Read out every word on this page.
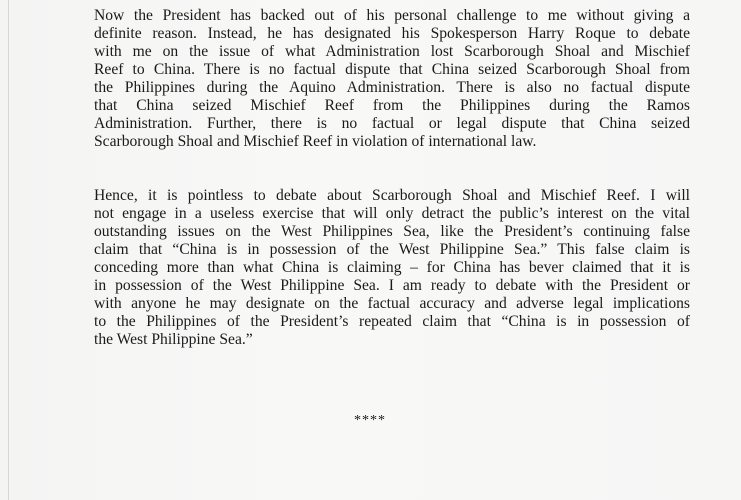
Now the President has backed out of his personal challenge to me without giving a
definite reason. Instead, he has designated his Spokesperson Harry Roque to debate
with me on the issue of what Administration lost Scarborough Shoal and Mischief
Reef to China. There is no factual dispute that China seized Scarborough Shoal from
the Philippines during the Aquino Administration. There is also no factual dispute
that China seized Mischief Reef from the Philippines during the Ramos
Administration. Further, there is no factual or legal dispute that China seized
Scarborough Shoal and Mischief Reef in violation of international law.
Hence, it is pointless to debate about Scarborough Shoal and Mischief Reef. I will
not engage in a useless exercise that will only detract the public’s interest on the vital
outstanding issues on the West Philippines Sea, like the President’s continuing false
claim that “China is in possession of the West Philippine Sea.” This false claim is
conceding more than what China is claiming – for China has bever claimed that it is
in possession of the West Philippine Sea. I am ready to debate with the President or
with anyone he may designate on the factual accuracy and adverse legal implications
to the Philippines of the President’s repeated claim that “China is in possession of
the West Philippine Sea.”
****
